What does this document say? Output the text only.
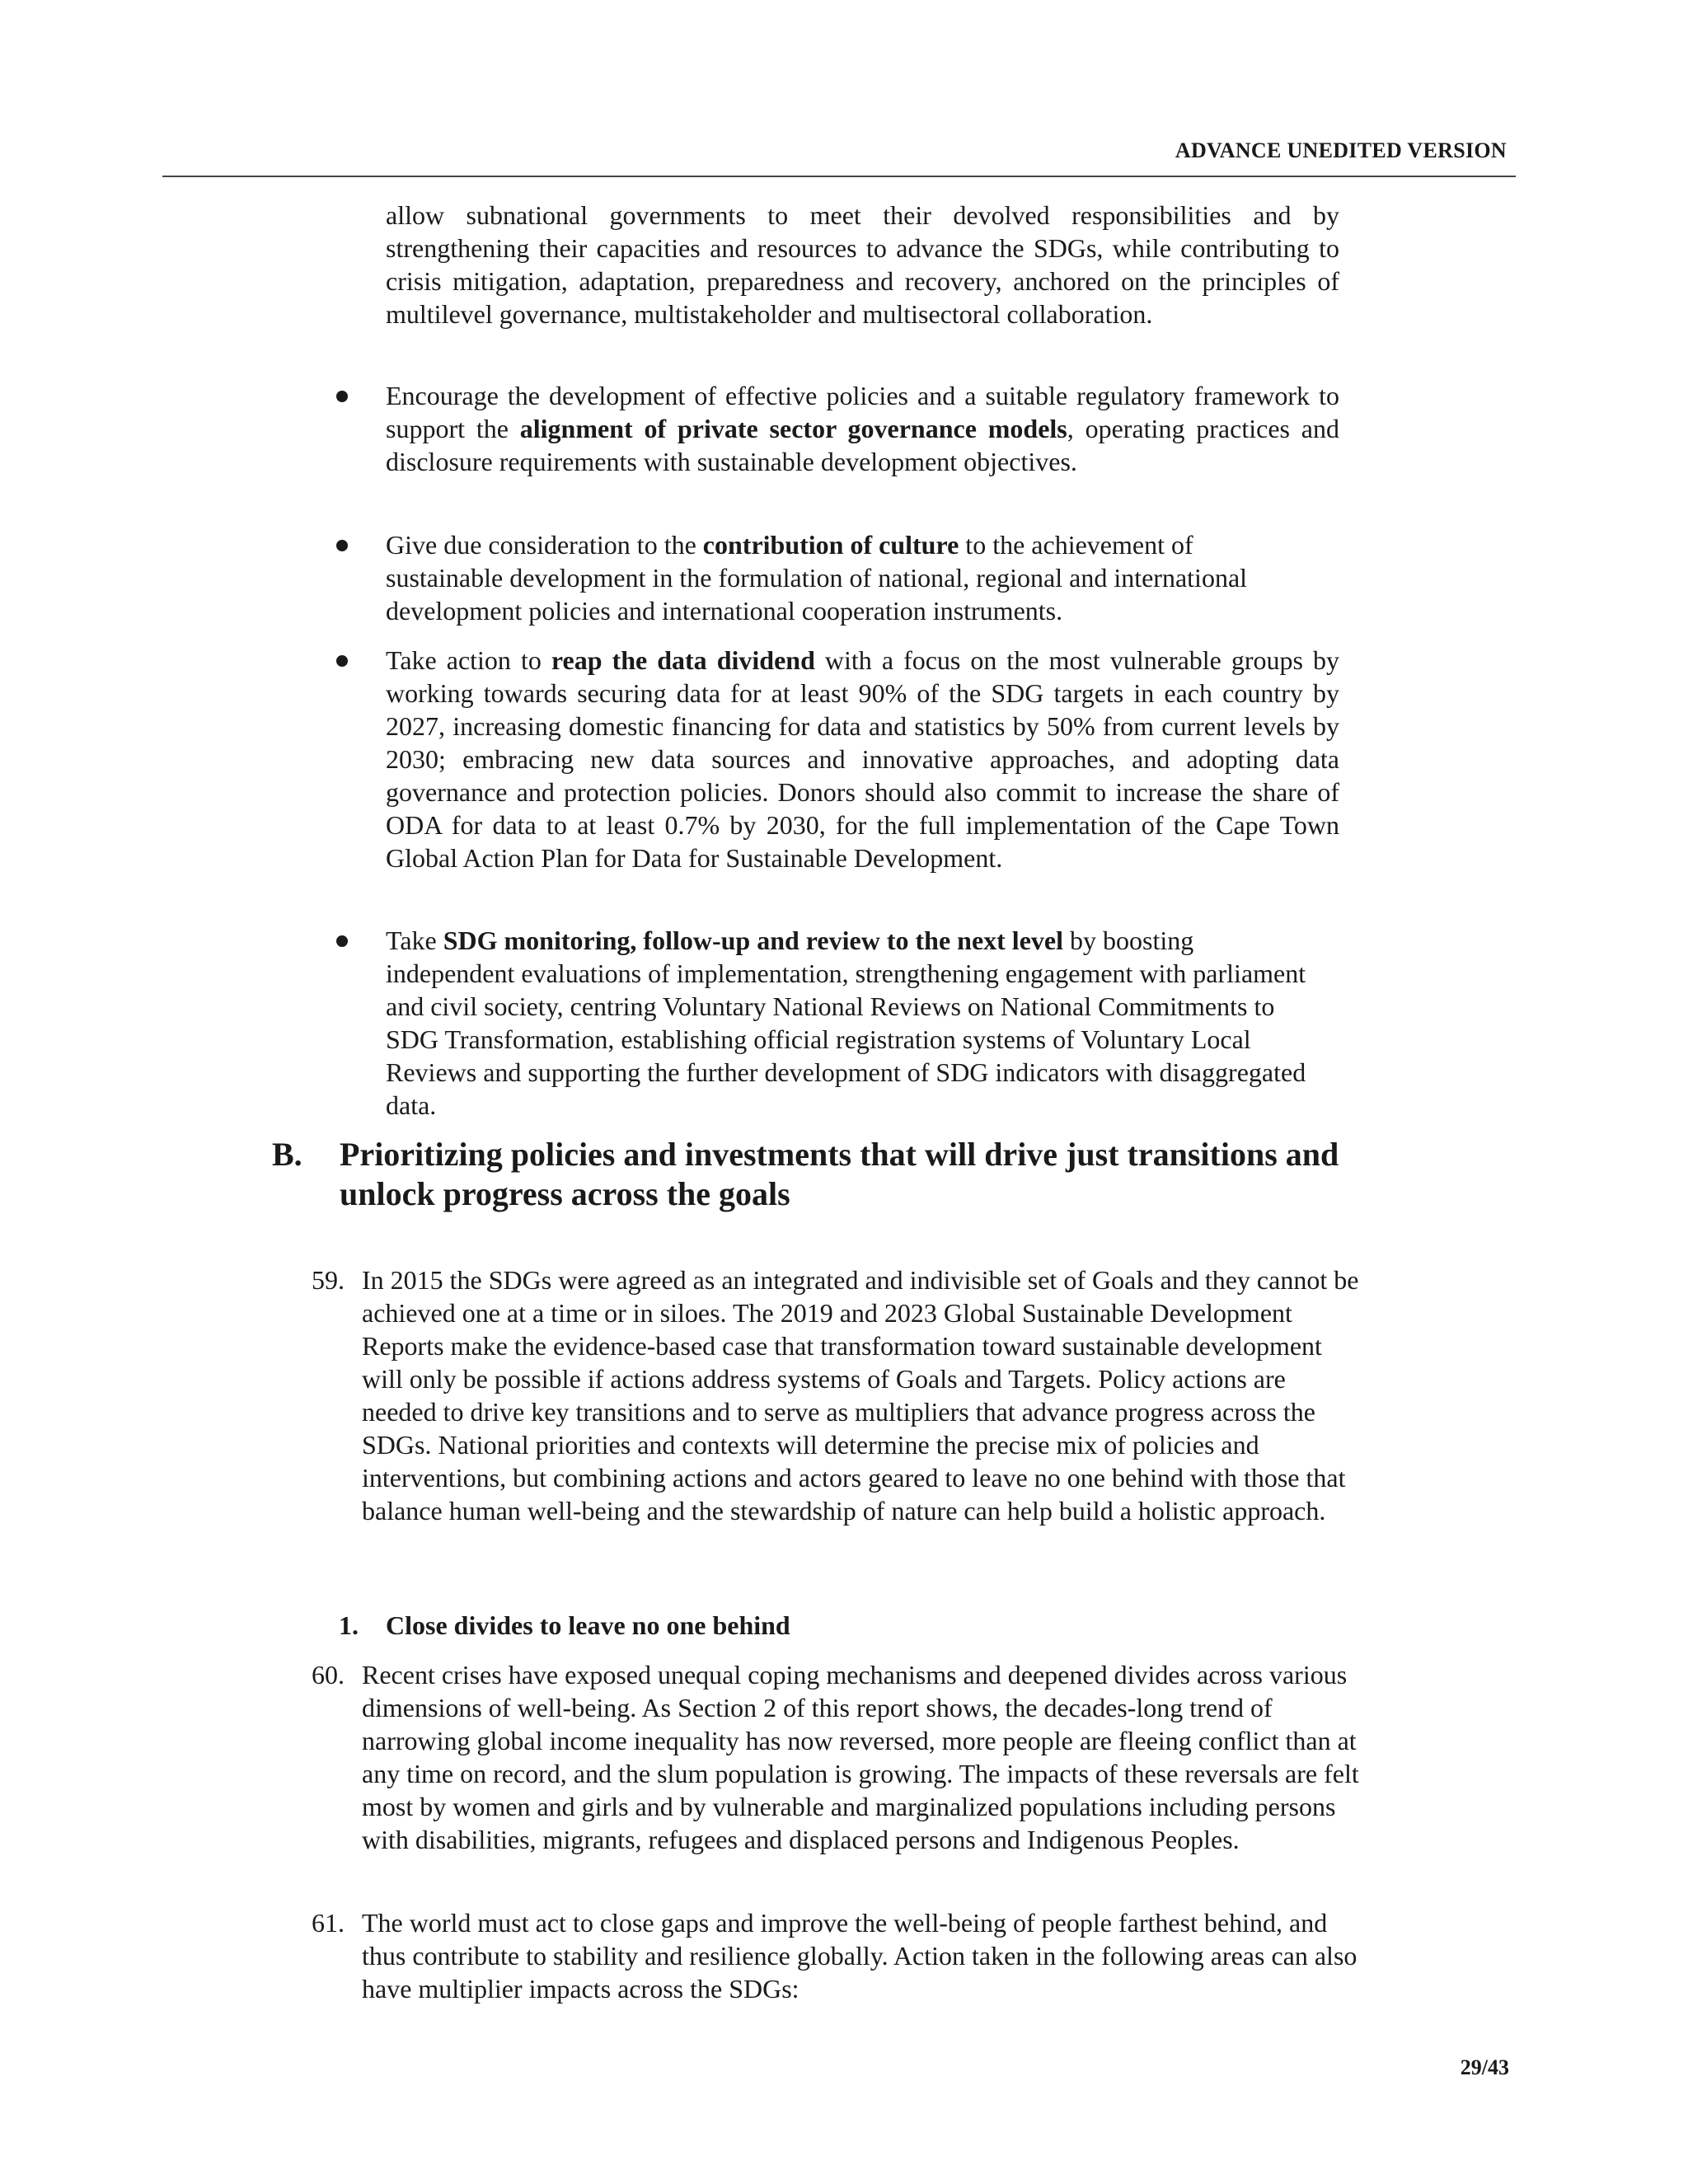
ADVANCE UNEDITED VERSION
allow subnational governments to meet their devolved responsibilities and by strengthening their capacities and resources to advance the SDGs, while contributing to crisis mitigation, adaptation, preparedness and recovery, anchored on the principles of multilevel governance, multistakeholder and multisectoral collaboration.
Encourage the development of effective policies and a suitable regulatory framework to support the alignment of private sector governance models, operating practices and disclosure requirements with sustainable development objectives.
Give due consideration to the contribution of culture to the achievement of sustainable development in the formulation of national, regional and international development policies and international cooperation instruments.
Take action to reap the data dividend with a focus on the most vulnerable groups by working towards securing data for at least 90% of the SDG targets in each country by 2027, increasing domestic financing for data and statistics by 50% from current levels by 2030; embracing new data sources and innovative approaches, and adopting data governance and protection policies. Donors should also commit to increase the share of ODA for data to at least 0.7% by 2030, for the full implementation of the Cape Town Global Action Plan for Data for Sustainable Development.
Take SDG monitoring, follow-up and review to the next level by boosting independent evaluations of implementation, strengthening engagement with parliament and civil society, centring Voluntary National Reviews on National Commitments to SDG Transformation, establishing official registration systems of Voluntary Local Reviews and supporting the further development of SDG indicators with disaggregated data.
B. Prioritizing policies and investments that will drive just transitions and unlock progress across the goals
59. In 2015 the SDGs were agreed as an integrated and indivisible set of Goals and they cannot be achieved one at a time or in siloes. The 2019 and 2023 Global Sustainable Development Reports make the evidence-based case that transformation toward sustainable development will only be possible if actions address systems of Goals and Targets. Policy actions are needed to drive key transitions and to serve as multipliers that advance progress across the SDGs. National priorities and contexts will determine the precise mix of policies and interventions, but combining actions and actors geared to leave no one behind with those that balance human well-being and the stewardship of nature can help build a holistic approach.
1. Close divides to leave no one behind
60. Recent crises have exposed unequal coping mechanisms and deepened divides across various dimensions of well-being. As Section 2 of this report shows, the decades-long trend of narrowing global income inequality has now reversed, more people are fleeing conflict than at any time on record, and the slum population is growing. The impacts of these reversals are felt most by women and girls and by vulnerable and marginalized populations including persons with disabilities, migrants, refugees and displaced persons and Indigenous Peoples.
61. The world must act to close gaps and improve the well-being of people farthest behind, and thus contribute to stability and resilience globally. Action taken in the following areas can also have multiplier impacts across the SDGs:
29/43
